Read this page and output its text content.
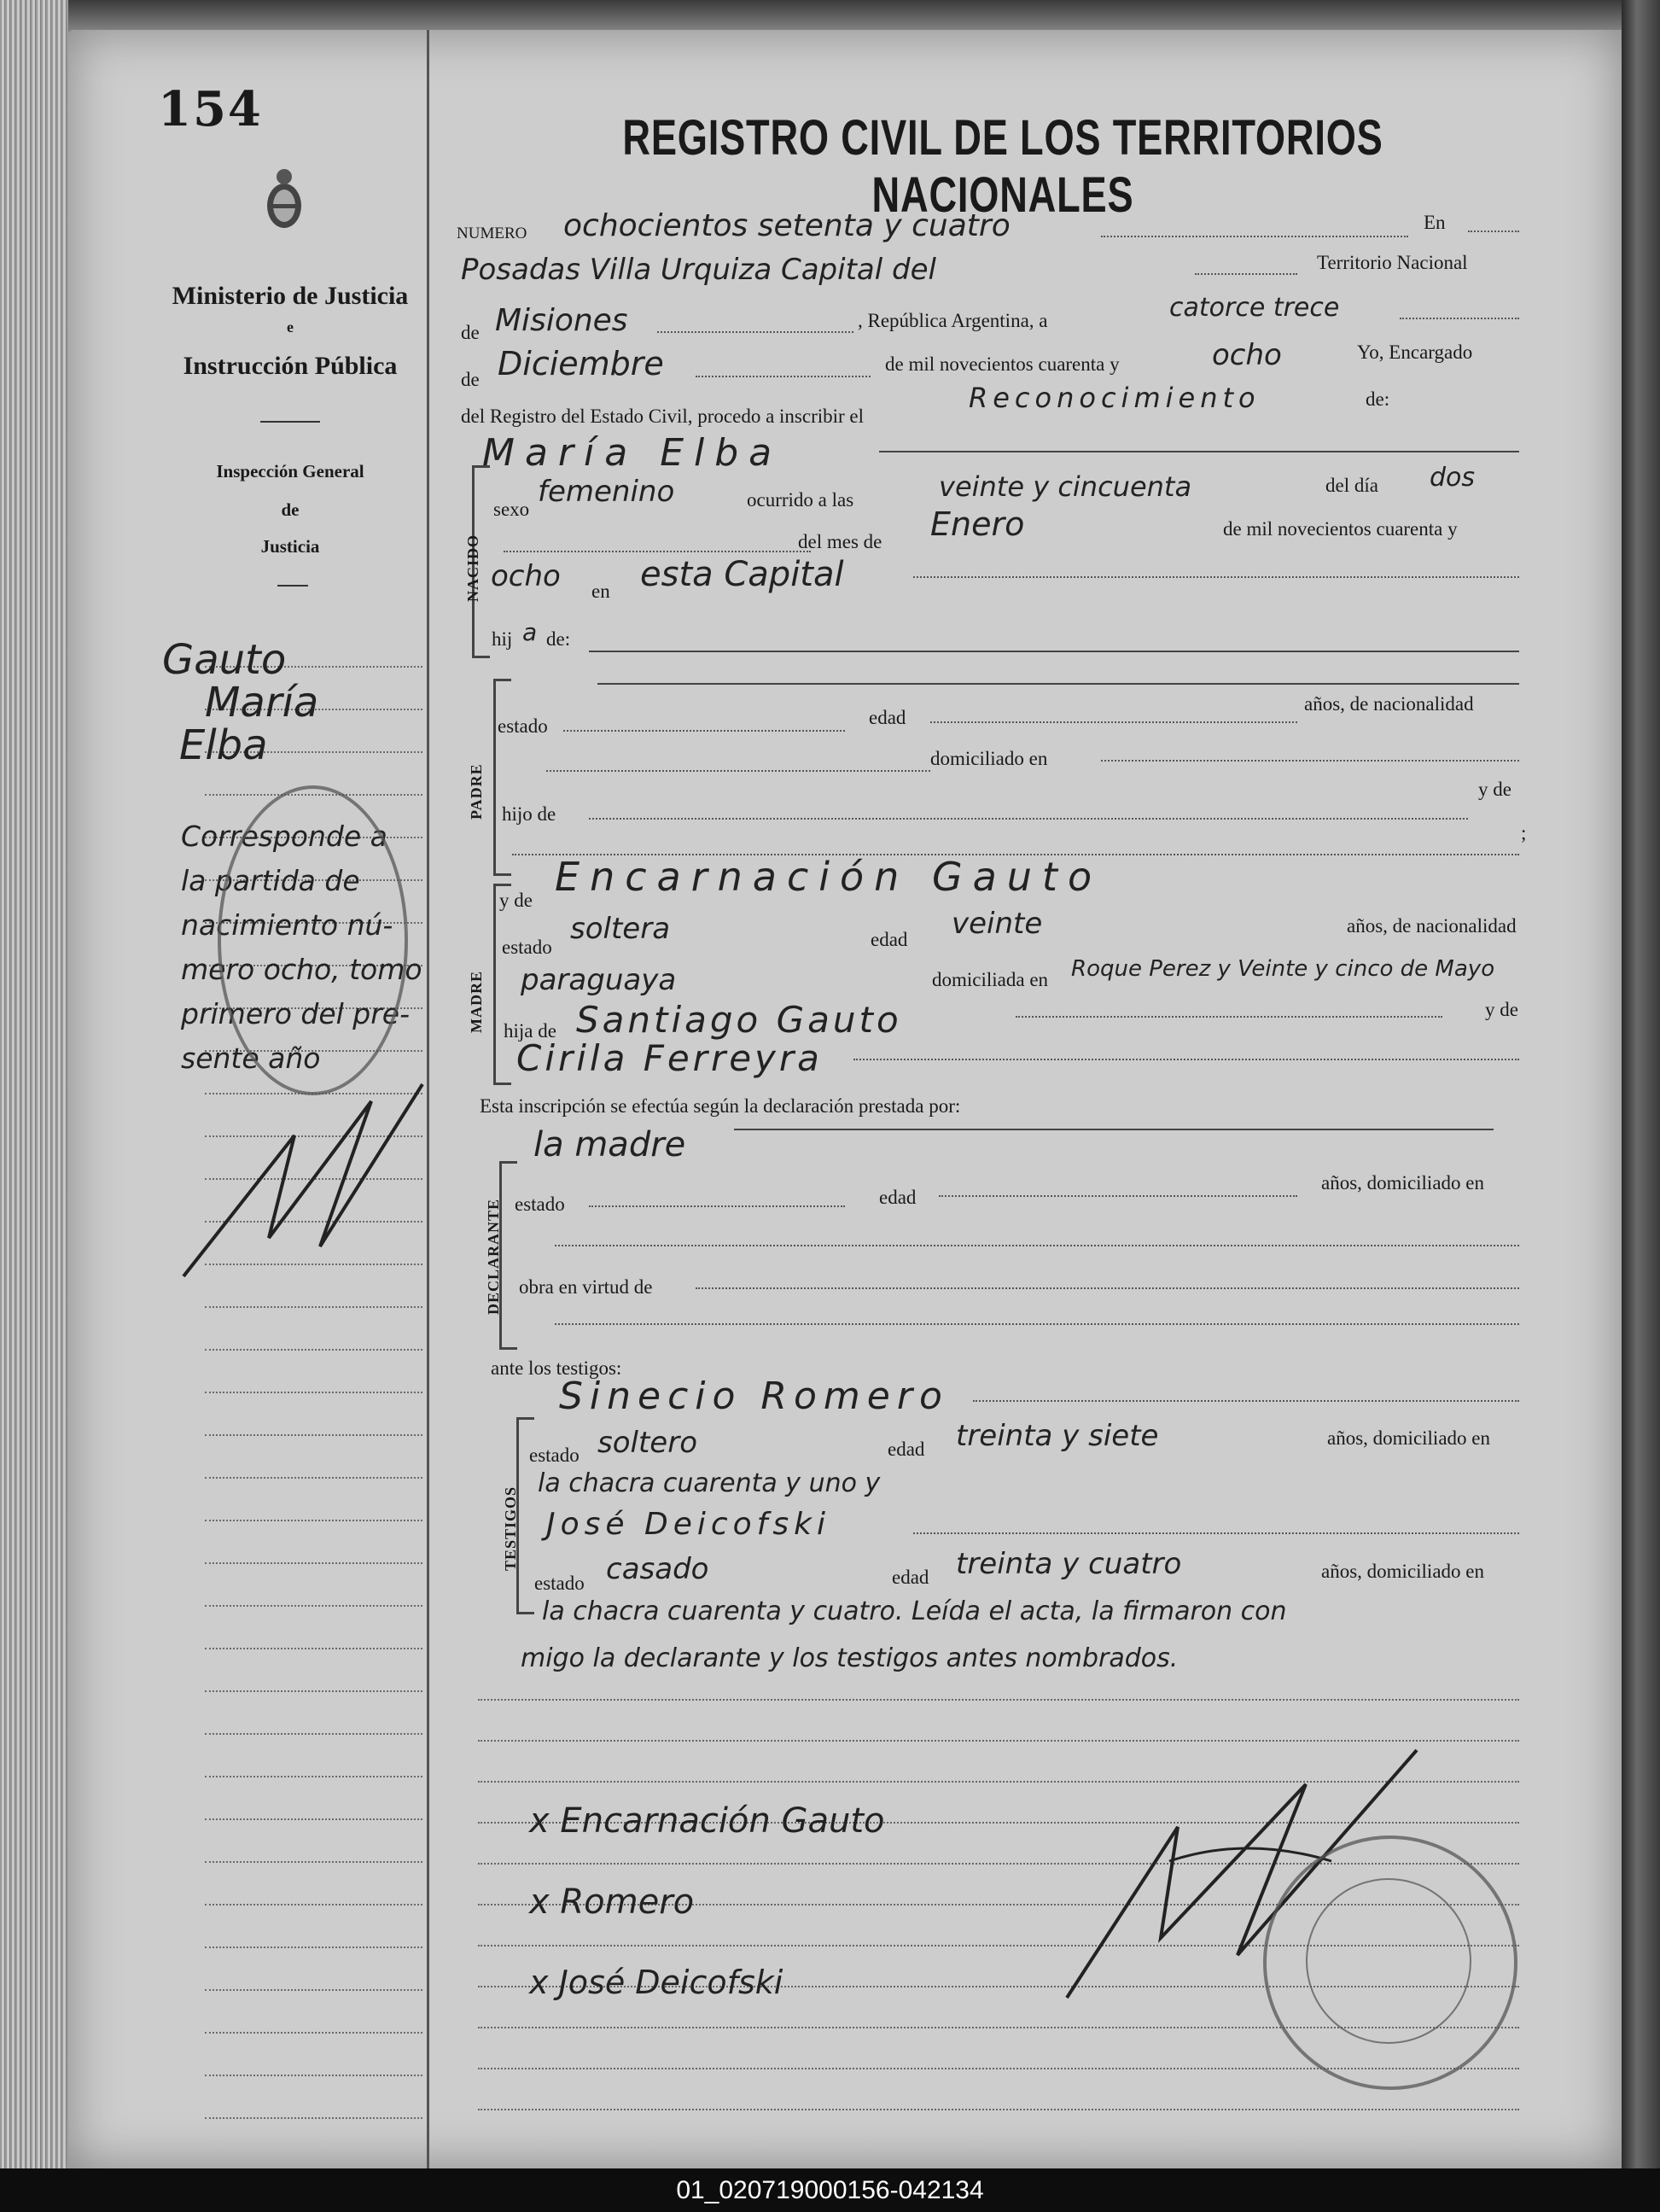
154
Ministerio de Justicia
e
Instrucción Pública
Inspección General
de
Justicia
Gauto
María
Elba
Corresponde a
la partida de
nacimiento nú-
mero ocho, tomo
primero del pre-
sente año
REGISTRO CIVIL DE LOS TERRITORIOS NACIONALES
NUMERO ochocientos setenta y cuatro	En
Posadas Villa Urquiza Capital del	Territorio Nacional
de Misiones	, República Argentina, a	catorce trece
de Diciembre	de mil novecientos cuarenta y	ocho	Yo, Encargado
del Registro del Estado Civil, procedo a inscribir el
Reconocimiento	de:
María Elba
NACIDO
sexo
femenino	ocurrido a las	veinte y cincuenta	del día dos
del mes de Enero	de mil novecientos cuarenta y
ocho en esta Capital
hij a de:
PADRE
estado	edad
años, de nacionalidad
domiciliado en
hijo de
y de
;
MADRE
y de
Encarnación Gauto
estado
soltera	edad veinte	años, de nacionalidad
paraguaya	domiciliada en Roque Perez y Veinte y cinco de Mayo
hija de Santiago Gauto	y de
Cirila Ferreyra
Esta inscripción se efectúa según la declaración prestada por:
la madre
DECLARANTE estado	edad
años, domiciliado en
obra en virtud de
ante los testigos:
Sinecio Romero
TESTIGOS
estado soltero	edad treinta y siete	años, domiciliado en
la chacra cuarenta y uno y
José Deicofski
estado casado	edad treinta y cuatro	años, domiciliado en
la chacra cuarenta y cuatro. Leída el acta, la firmaron con
migo la declarante y los testigos antes nombrados.
x Encarnación Gauto
x Romero
x José Deicofski
01_020719000156-042134
